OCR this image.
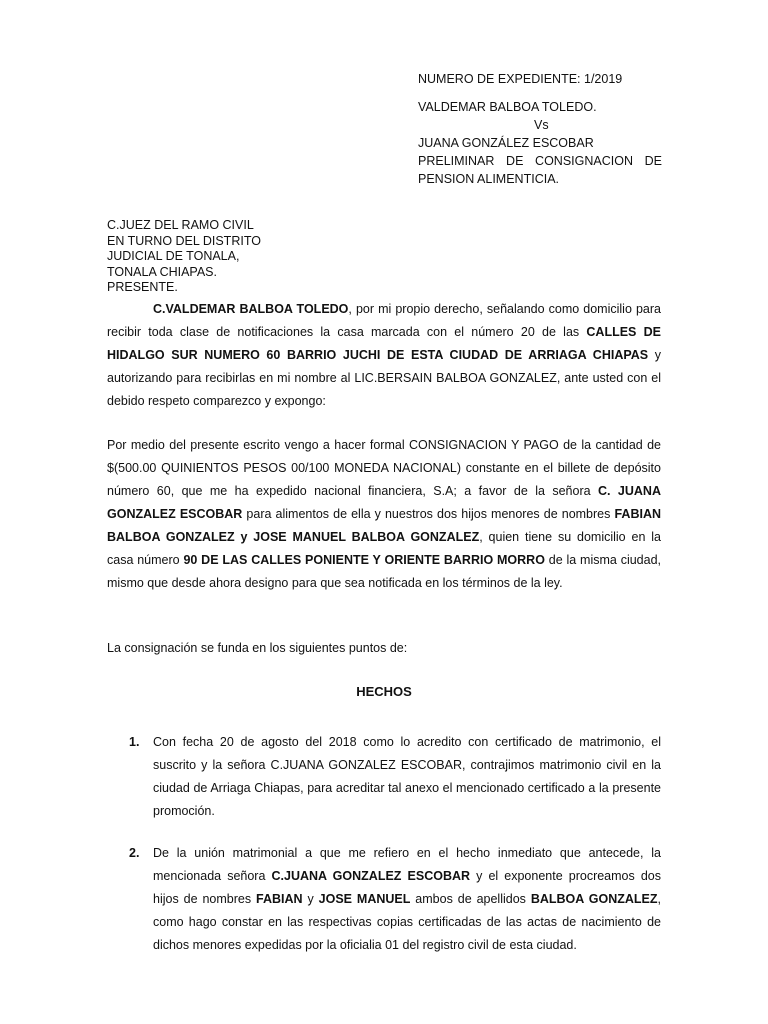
NUMERO DE EXPEDIENTE: 1/2019
VALDEMAR BALBOA TOLEDO.
Vs
JUANA GONZÁLEZ ESCOBAR
PRELIMINAR DE CONSIGNACION DE
PENSION ALIMENTICIA.
C.JUEZ DEL RAMO CIVIL
EN TURNO DEL DISTRITO
JUDICIAL DE TONALA,
TONALA CHIAPAS.
PRESENTE.

C.VALDEMAR BALBOA TOLEDO, por mi propio derecho, señalando como domicilio para recibir toda clase de notificaciones la casa marcada con el número 20 de las CALLES DE HIDALGO SUR NUMERO 60 BARRIO JUCHI DE ESTA CIUDAD DE ARRIAGA CHIAPAS y autorizando para recibirlas en mi nombre al LIC.BERSAIN BALBOA GONZALEZ, ante usted con el debido respeto comparezco y expongo:

Por medio del presente escrito vengo a hacer formal CONSIGNACION Y PAGO de la cantidad de $(500.00 QUINIENTOS PESOS 00/100 MONEDA NACIONAL) constante en el billete de depósito número 60, que me ha expedido nacional financiera, S.A; a favor de la señora C. JUANA GONZALEZ ESCOBAR para alimentos de ella y nuestros dos hijos menores de nombres FABIAN BALBOA GONZALEZ y JOSE MANUEL BALBOA GONZALEZ, quien tiene su domicilio en la casa número 90 DE LAS CALLES PONIENTE Y ORIENTE BARRIO MORRO de la misma ciudad, mismo que desde ahora designo para que sea notificada en los términos de la ley.

La consignación se funda en los siguientes puntos de:

HECHOS
1. Con fecha 20 de agosto del 2018 como lo acredito con certificado de matrimonio, el suscrito y la señora C.JUANA GONZALEZ ESCOBAR, contrajimos matrimonio civil en la ciudad de Arriaga Chiapas, para acreditar tal anexo el mencionado certificado a la presente promoción.
2. De la unión matrimonial a que me refiero en el hecho inmediato que antecede, la mencionada señora C.JUANA GONZALEZ ESCOBAR y el exponente procreamos dos hijos de nombres FABIAN y JOSE MANUEL ambos de apellidos BALBOA GONZALEZ, como hago constar en las respectivas copias certificadas de las actas de nacimiento de dichos menores expedidas por la oficialia 01 del registro civil de esta ciudad.
